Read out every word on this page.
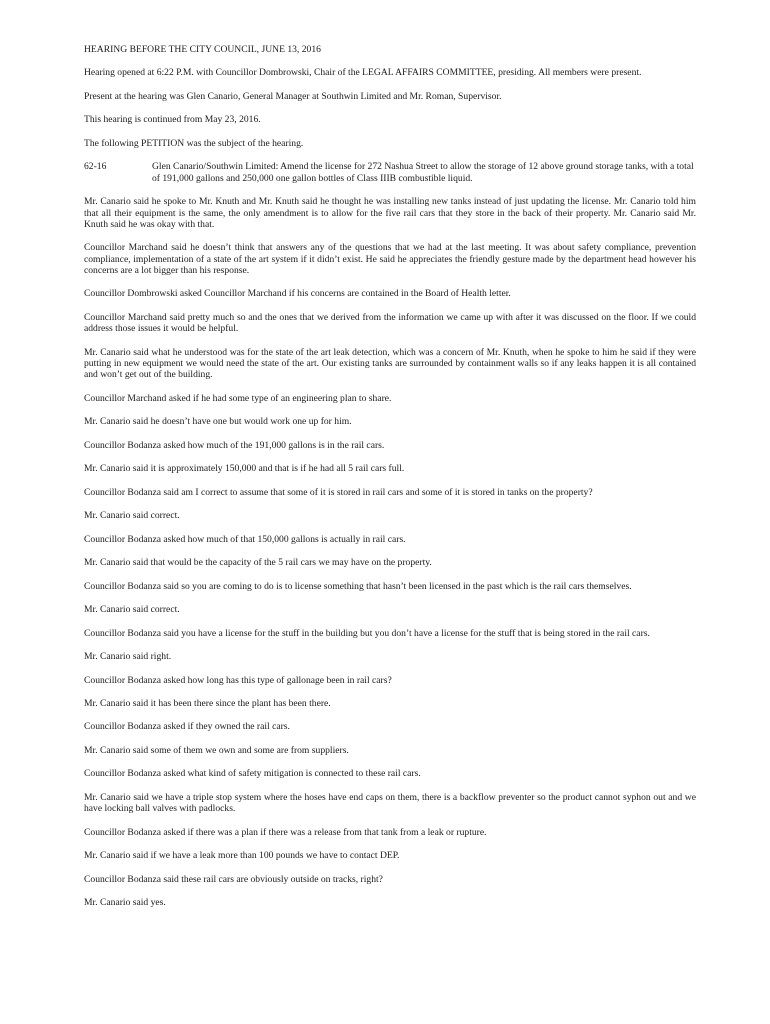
HEARING BEFORE THE CITY COUNCIL, JUNE 13, 2016

Hearing opened at 6:22 P.M. with Councillor Dombrowski, Chair of the LEGAL AFFAIRS COMMITTEE, presiding. All members were present.

Present at the hearing was Glen Canario, General Manager at Southwin Limited and Mr. Roman, Supervisor.

This hearing is continued from May 23, 2016.

The following PETITION was the subject of the hearing.

62-16	Glen Canario/Southwin Limited: Amend the license for 272 Nashua Street to allow the storage of 12 above ground storage tanks, with a total of 191,000 gallons and 250,000 one gallon bottles of Class IIIB combustible liquid.

Mr. Canario said he spoke to Mr. Knuth and Mr. Knuth said he thought he was installing new tanks instead of just updating the license. Mr. Canario told him that all their equipment is the same, the only amendment is to allow for the five rail cars that they store in the back of their property. Mr. Canario said Mr. Knuth said he was okay with that.

Councillor Marchand said he doesn’t think that answers any of the questions that we had at the last meeting. It was about safety compliance, prevention compliance, implementation of a state of the art system if it didn’t exist. He said he appreciates the friendly gesture made by the department head however his concerns are a lot bigger than his response.

Councillor Dombrowski asked Councillor Marchand if his concerns are contained in the Board of Health letter.

Councillor Marchand said pretty much so and the ones that we derived from the information we came up with after it was discussed on the floor. If we could address those issues it would be helpful.

Mr. Canario said what he understood was for the state of the art leak detection, which was a concern of Mr. Knuth, when he spoke to him he said if they were putting in new equipment we would need the state of the art. Our existing tanks are surrounded by containment walls so if any leaks happen it is all contained and won’t get out of the building.

Councillor Marchand asked if he had some type of an engineering plan to share.

Mr. Canario said he doesn’t have one but would work one up for him.

Councillor Bodanza asked how much of the 191,000 gallons is in the rail cars.

Mr. Canario said it is approximately 150,000 and that is if he had all 5 rail cars full.

Councillor Bodanza said am I correct to assume that some of it is stored in rail cars and some of it is stored in tanks on the property?

Mr. Canario said correct.

Councillor Bodanza asked how much of that 150,000 gallons is actually in rail cars.

Mr. Canario said that would be the capacity of the 5 rail cars we may have on the property.

Councillor Bodanza said so you are coming to do is to license something that hasn’t been licensed in the past which is the rail cars themselves.

Mr. Canario said correct.

Councillor Bodanza said you have a license for the stuff in the building but you don’t have a license for the stuff that is being stored in the rail cars.

Mr. Canario said right.

Councillor Bodanza asked how long has this type of gallonage been in rail cars?

Mr. Canario said it has been there since the plant has been there.

Councillor Bodanza asked if they owned the rail cars.

Mr. Canario said some of them we own and some are from suppliers.

Councillor Bodanza asked what kind of safety mitigation is connected to these rail cars.

Mr. Canario said we have a triple stop system where the hoses have end caps on them, there is a backflow preventer so the product cannot syphon out and we have locking ball valves with padlocks.

Councillor Bodanza asked if there was a plan if there was a release from that tank from a leak or rupture.

Mr. Canario said if we have a leak more than 100 pounds we have to contact DEP.

Councillor Bodanza said these rail cars are obviously outside on tracks, right?

Mr. Canario said yes.
